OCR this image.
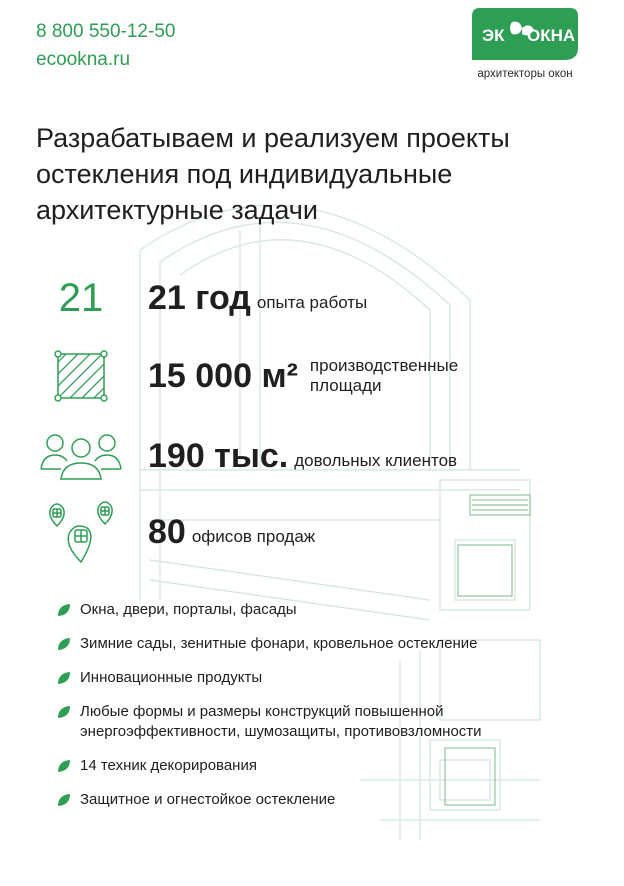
8 800 550-12-50
ecookna.ru
ЭК ОКНА
архитекторы окон
Разрабатываем и реализуем проекты
остекления под индивидуальные
архитектурные задачи
21 21 год опыта работы
15 000 м² производственные
площади
190 тыс. довольных клиентов
80 офисов продаж
Окна, двери, порталы, фасады
Зимние сады, зенитные фонари, кровельное остекление
Инновационные продукты
Любые формы и размеры конструкций повышенной энергоэффективности, шумозащиты, противовзломности
14 техник декорирования
Защитное и огнестойкое остекление
